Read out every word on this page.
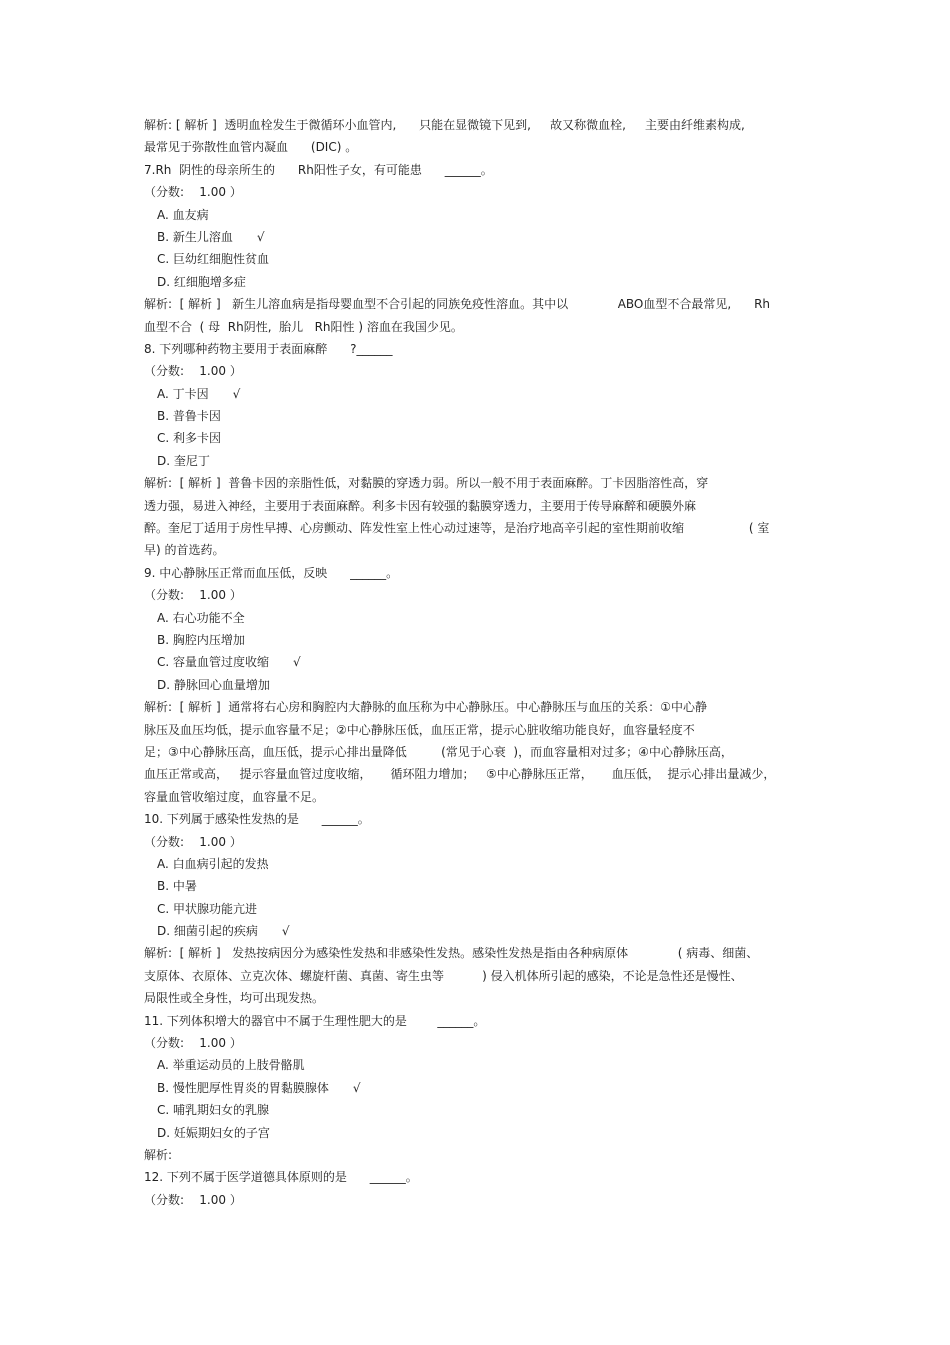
解析: [ 解析 ]  透明血栓发生于微循环小血管内,      只能在显微镜下见到,     故又称微血栓,     主要由纤维素构成,
最常见于弥散性血管内凝血      (DIC) 。
7.Rh  阴性的母亲所生的      Rh阳性子女，有可能患      ______。
（分数:    1.00 ）
A. 血友病
B. 新生儿溶血 √
C. 巨幼红细胞性贫血
D. 红细胞增多症
解析:  [ 解析 ]   新生儿溶血病是指母婴血型不合引起的同族免疫性溶血。其中以             ABO血型不合最常见,      Rh
血型不合  ( 母  Rh阴性,  胎儿   Rh阳性 ) 溶血在我国少见。
8. 下列哪种药物主要用于表面麻醉      ?______
（分数:    1.00 ）
A. 丁卡因 √
B. 普鲁卡因
C. 利多卡因
D. 奎尼丁
解析:  [ 解析 ]  普鲁卡因的亲脂性低，对黏膜的穿透力弱。所以一般不用于表面麻醉。丁卡因脂溶性高，穿
透力强，易进入神经，主要用于表面麻醉。利多卡因有较强的黏膜穿透力，主要用于传导麻醉和硬膜外麻
醉。奎尼丁适用于房性早搏、心房颤动、阵发性室上性心动过速等，是治疗地高辛引起的室性期前收缩                 ( 室
早) 的首选药。
9. 中心静脉压正常而血压低，反映      ______。
（分数:    1.00 ）
A. 右心功能不全
B. 胸腔内压增加
C. 容量血管过度收缩 √
D. 静脉回心血量增加
解析:  [ 解析 ]  通常将右心房和胸腔内大静脉的血压称为中心静脉压。中心静脉压与血压的关系：①中心静
脉压及血压均低，提示血容量不足；②中心静脉压低，血压正常，提示心脏收缩功能良好，血容量轻度不
足；③中心静脉压高，血压低，提示心排出量降低         (常见于心衰  )，而血容量相对过多；④中心静脉压高，
血压正常或高，   提示容量血管过度收缩，     循环阻力增加；   ⑤中心静脉压正常，     血压低，  提示心排出量减少，
容量血管收缩过度，血容量不足。
10. 下列属于感染性发热的是      ______。
（分数:    1.00 ）
A. 白血病引起的发热
B. 中暑
C. 甲状腺功能亢进
D. 细菌引起的疾病 √
解析:  [ 解析 ]   发热按病因分为感染性发热和非感染性发热。感染性发热是指由各种病原体             ( 病毒、细菌、
支原体、衣原体、立克次体、螺旋杆菌、真菌、寄生虫等          ) 侵入机体所引起的感染，不论是急性还是慢性、
局限性或全身性，均可出现发热。
11. 下列体积增大的器官中不属于生理性肥大的是        ______。
（分数:    1.00 ）
A. 举重运动员的上肢骨骼肌
B. 慢性肥厚性胃炎的胃黏膜腺体 √
C. 哺乳期妇女的乳腺
D. 妊娠期妇女的子宫
解析:
12. 下列不属于医学道德具体原则的是      ______。
（分数:    1.00 ）
